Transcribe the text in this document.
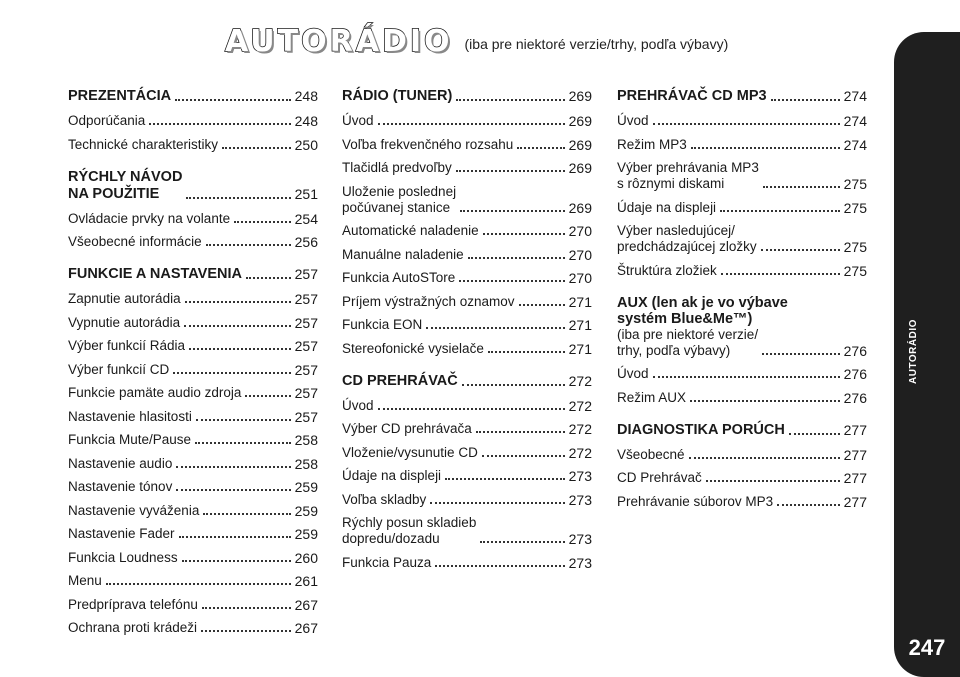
AUTORÁDIO (iba pre niektoré verzie/trhy, podľa výbavy)
AUTORÁDIO
247
PREZENTÁCIA	248
Odporúčania	248
Technické charakteristiky	250
RÝCHLY NÁVOD
NA POUŽITIE	251
Ovládacie prvky na volante	254
Všeobecné informácie	256
FUNKCIE A NASTAVENIA	257
Zapnutie autorádia	257
Vypnutie autorádia	257
Výber funkcií Rádia	257
Výber funkcií CD	257
Funkcie pamäte audio zdroja	257
Nastavenie hlasitosti	257
Funkcia Mute/Pause	258
Nastavenie audio	258
Nastavenie tónov	259
Nastavenie vyváženia	259
Nastavenie Fader	259
Funkcia Loudness	260
Menu	261
Predpríprava telefónu	267
Ochrana proti krádeži	267
RÁDIO (TUNER)	269
Úvod	269
Voľba frekvenčného rozsahu	269
Tlačidlá predvoľby	269
Uloženie poslednej
počúvanej stanice	269
Automatické naladenie	270
Manuálne naladenie	270
Funkcia AutoSTore	270
Príjem výstražných oznamov	271
Funkcia EON	271
Stereofonické vysielače	271
CD PREHRÁVAČ	272
Úvod	272
Výber CD prehrávača	272
Vloženie/vysunutie CD	272
Údaje na displeji	273
Voľba skladby	273
Rýchly posun skladieb
dopredu/dozadu	273
Funkcia Pauza	273
PREHRÁVAČ CD MP3	274
Úvod	274
Režim MP3	274
Výber prehrávania MP3
s rôznymi diskami	275
Údaje na displeji	275
Výber nasledujúcej/
predchádzajúcej zložky	275
Štruktúra zložiek	275
AUX (len ak je vo výbave
systém Blue&Me™)
(iba pre niektoré verzie/
trhy, podľa výbavy)	276
Úvod	276
Režim AUX	276
DIAGNOSTIKA PORÚCH	277
Všeobecné	277
CD Prehrávač	277
Prehrávanie súborov MP3	277
